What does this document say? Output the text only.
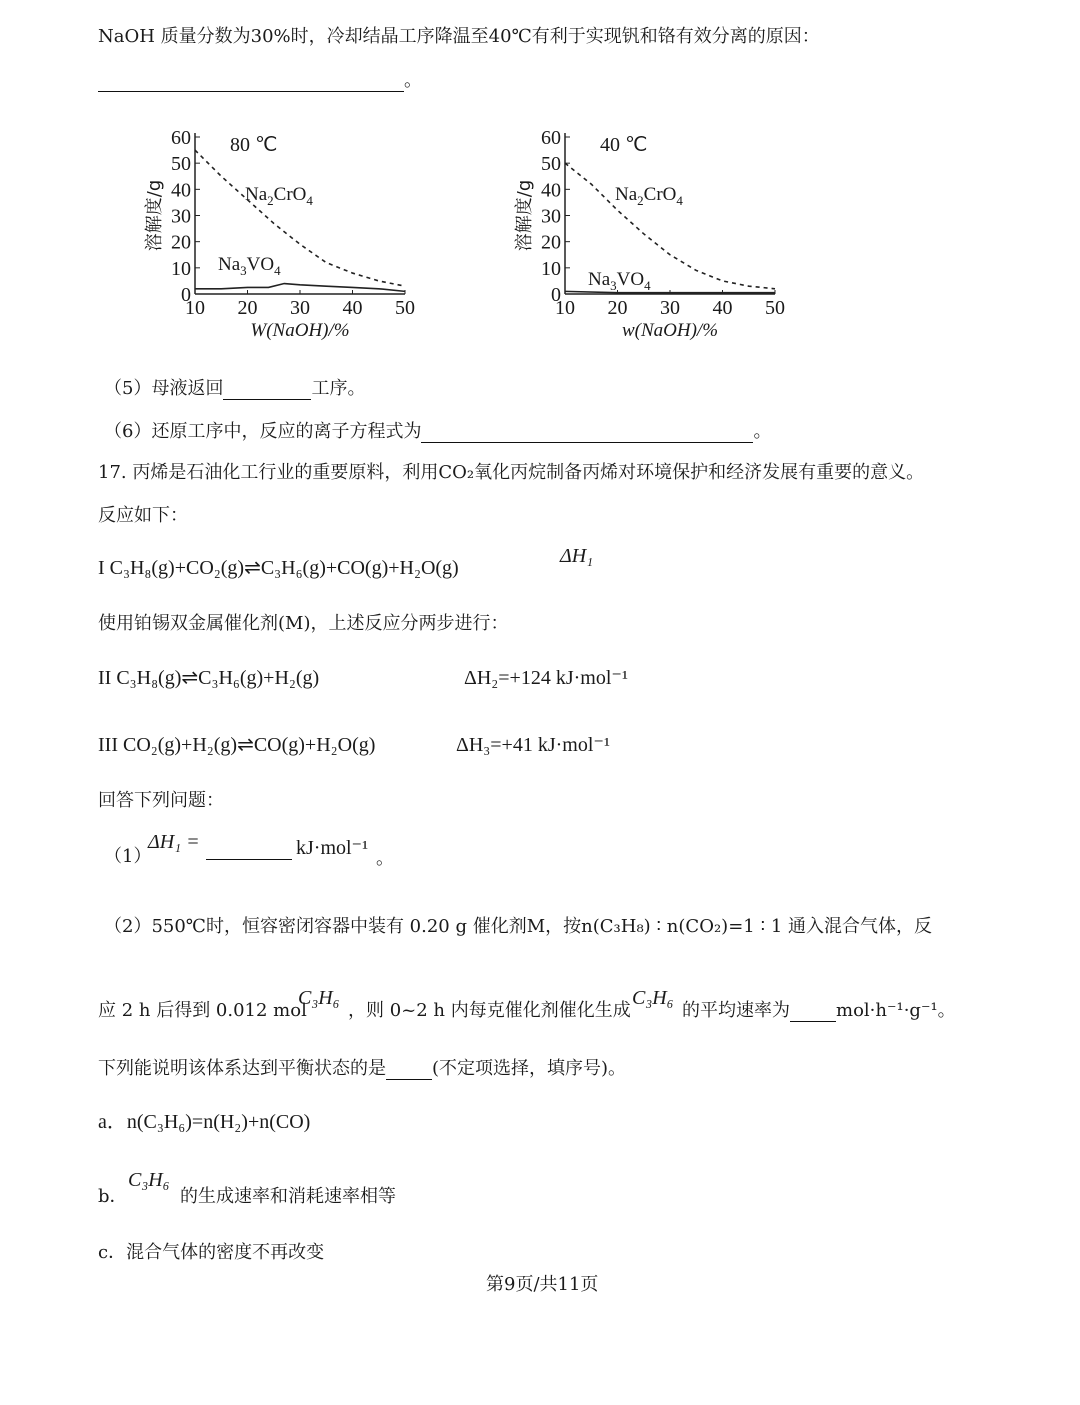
NaOH 质量分数为30%时，冷却结晶工序降温至40℃有利于实现钒和铬有效分离的原因：
。
0
10
20
30
40
50
60
10 20 30 40 50
$Na_2CrO_4$
$Na_3VO_4$
80 ℃
W(NaOH)/%
溶解度/g
0
10
20
30
40
50
60
10 20 30 40 50
$Na_2CrO_4$
$Na_3VO_4$
40 ℃
w(NaOH)/%
溶解度/g
（5）母液返回	工序。
（6）还原工序中，反应的离子方程式为	。
17. 丙烯是石油化工行业的重要原料，利用CO₂氧化丙烷制备丙烯对环境保护和经济发展有重要的意义。
反应如下：
I C₃H₈(g)+CO₂(g)⇌C₃H₆(g)+CO(g)+H₂O(g)
ΔH₁
使用铂锡双金属催化剂(M)，上述反应分两步进行：
II C₃H₈(g)⇌C₃H₆(g)+H₂(g)	ΔH₂=+124 kJ·mol⁻¹
III CO₂(g)+H₂(g)⇌CO(g)+H₂O(g)	ΔH₃=+41 kJ·mol⁻¹
回答下列问题：
（1）
ΔH₁ =	kJ·mol⁻¹ 。
（2）550℃时，恒容密闭容器中装有 0.20 g 催化剂M，按n(C₃H₈) ∶ n(CO₂)=1 ∶ 1 通入混合气体，反
应 2 h 后得到 0.012 mol
C₃H₆
，则 0~2 h 内每克催化剂催化生成
C₃H₆
的平均速率为	mol·h⁻¹·g⁻¹。
下列能说明该体系达到平衡状态的是	(不定项选择，填序号)。
a．n(C₃H₆)=n(H₂)+n(CO)
b．
C₃H₆
的生成速率和消耗速率相等
c．混合气体的密度不再改变
第9页/共11页
